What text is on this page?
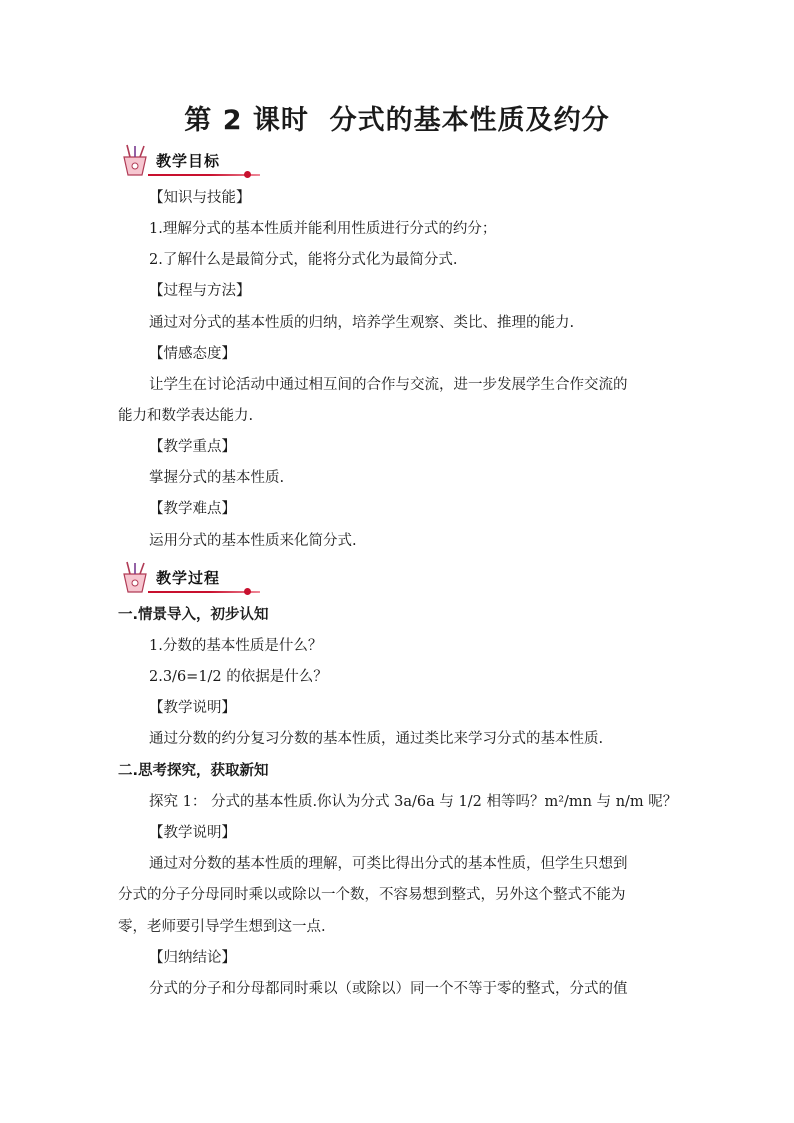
第 2 课时  分式的基本性质及约分
教学目标
【知识与技能】
1.理解分式的基本性质并能利用性质进行分式的约分；
2.了解什么是最简分式，能将分式化为最简分式.
【过程与方法】
通过对分式的基本性质的归纳，培养学生观察、类比、推理的能力.
【情感态度】
让学生在讨论活动中通过相互间的合作与交流，进一步发展学生合作交流的
能力和数学表达能力.
【教学重点】
掌握分式的基本性质.
【教学难点】
运用分式的基本性质来化简分式.
教学过程
一.情景导入，初步认知
1.分数的基本性质是什么？
2.3/6=1/2 的依据是什么？
【教学说明】
通过分数的约分复习分数的基本性质，通过类比来学习分式的基本性质.
二.思考探究，获取新知
探究 1： 分式的基本性质.你认为分式 3a/6a 与 1/2 相等吗？m²/mn 与 n/m 呢？
【教学说明】
通过对分数的基本性质的理解，可类比得出分式的基本性质，但学生只想到
分式的分子分母同时乘以或除以一个数，不容易想到整式，另外这个整式不能为
零，老师要引导学生想到这一点.
【归纳结论】
分式的分子和分母都同时乘以（或除以）同一个不等于零的整式，分式的值
